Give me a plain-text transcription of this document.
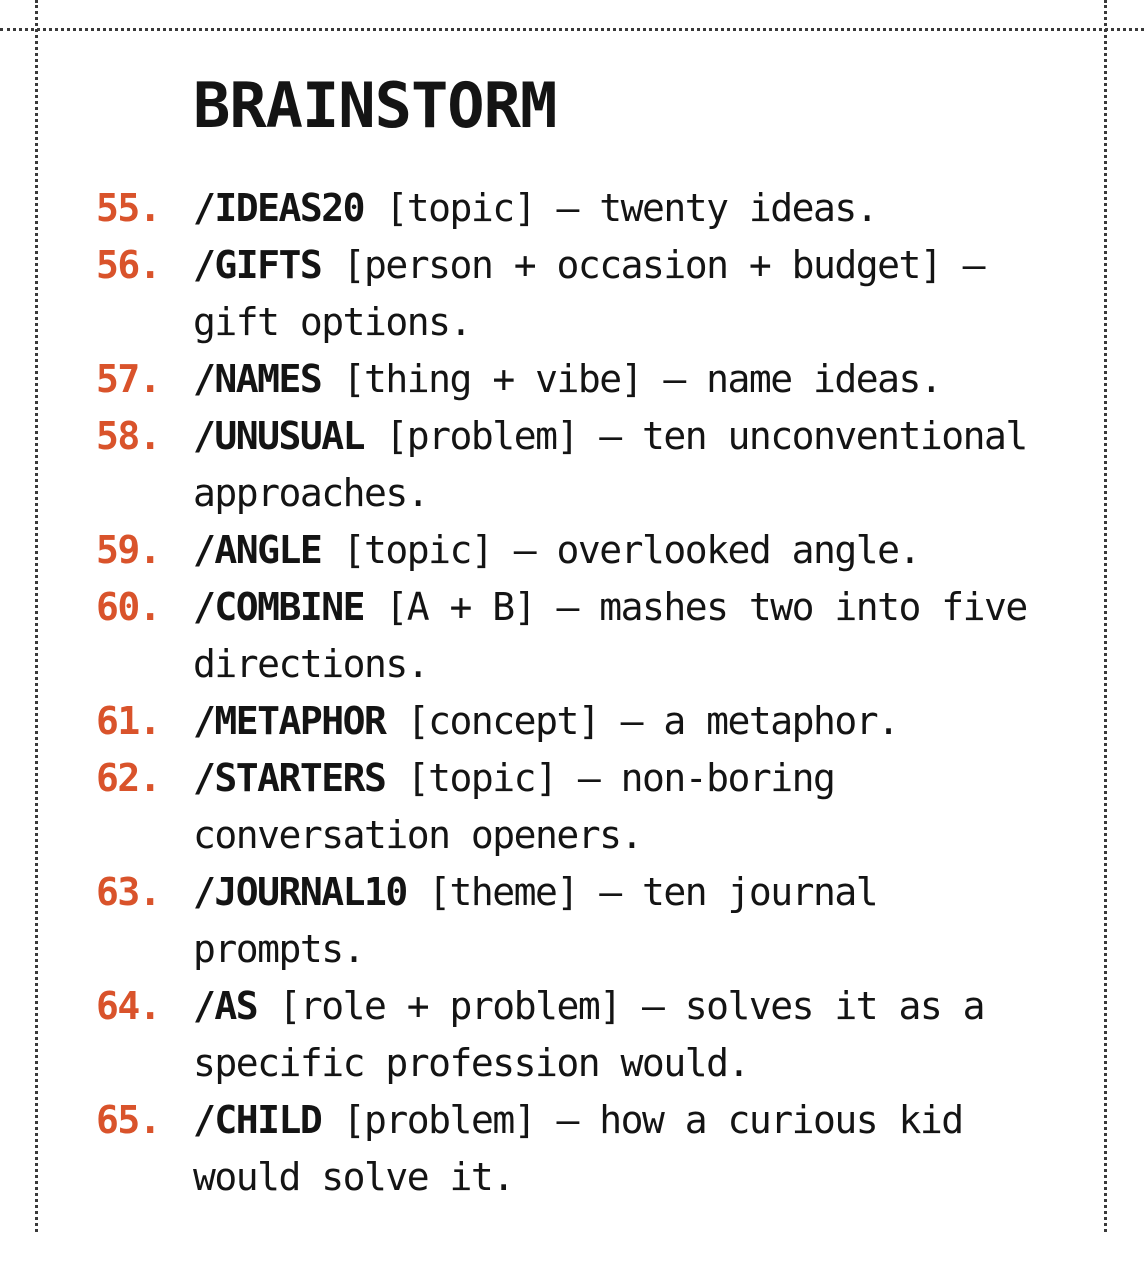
BRAINSTORM
55. /IDEAS20 [topic] — twenty ideas.
56. /GIFTS [person + occasion + budget] — gift options.
57. /NAMES [thing + vibe] — name ideas.
58. /UNUSUAL [problem] — ten unconventional approaches.
59. /ANGLE [topic] — overlooked angle.
60. /COMBINE [A + B] — mashes two into five directions.
61. /METAPHOR [concept] — a metaphor.
62. /STARTERS [topic] — non-boring conversation openers.
63. /JOURNAL10 [theme] — ten journal prompts.
64. /AS [role + problem] — solves it as a specific profession would.
65. /CHILD [problem] — how a curious kid would solve it.
